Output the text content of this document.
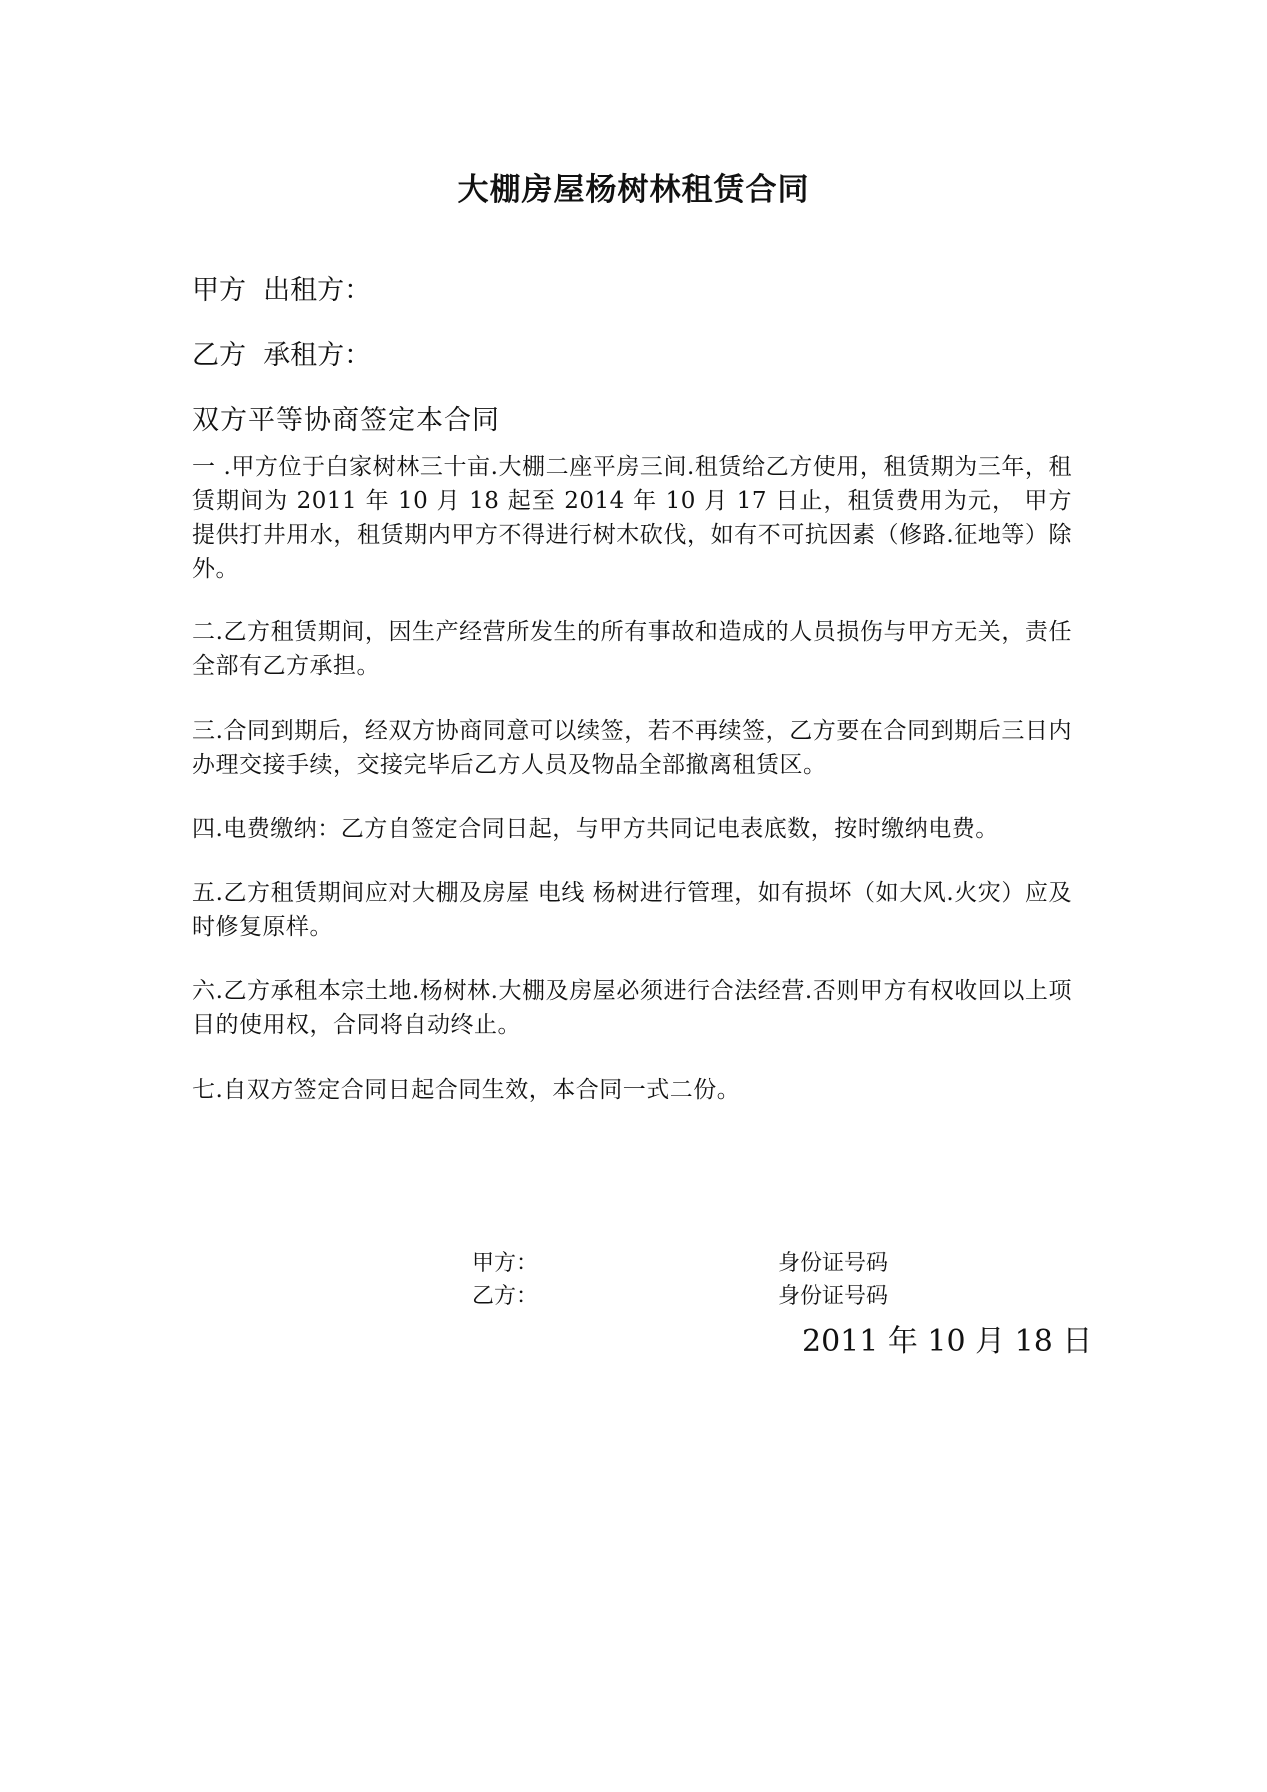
大棚房屋杨树林租赁合同
甲方  出租方：
乙方  承租方：
双方平等协商签定本合同
一 .甲方位于白家树林三十亩.大棚二座平房三间.租赁给乙方使用，租赁期为三年，租赁期间为 2011 年 10 月 18 起至 2014 年 10 月 17 日止，租赁费用为元， 甲方提供打井用水，租赁期内甲方不得进行树木砍伐，如有不可抗因素（修路.征地等）除外。
二.乙方租赁期间，因生产经营所发生的所有事故和造成的人员损伤与甲方无关，责任全部有乙方承担。
三.合同到期后，经双方协商同意可以续签，若不再续签，乙方要在合同到期后三日内办理交接手续，交接完毕后乙方人员及物品全部撤离租赁区。
四.电费缴纳：乙方自签定合同日起，与甲方共同记电表底数，按时缴纳电费。
五.乙方租赁期间应对大棚及房屋 电线 杨树进行管理，如有损坏（如大风.火灾）应及时修复原样。
六.乙方承租本宗土地.杨树林.大棚及房屋必须进行合法经营.否则甲方有权收回以上项目的使用权，合同将自动终止。
七.自双方签定合同日起合同生效，本合同一式二份。
甲方：	身份证号码
乙方：	身份证号码
2011 年 10 月 18 日
